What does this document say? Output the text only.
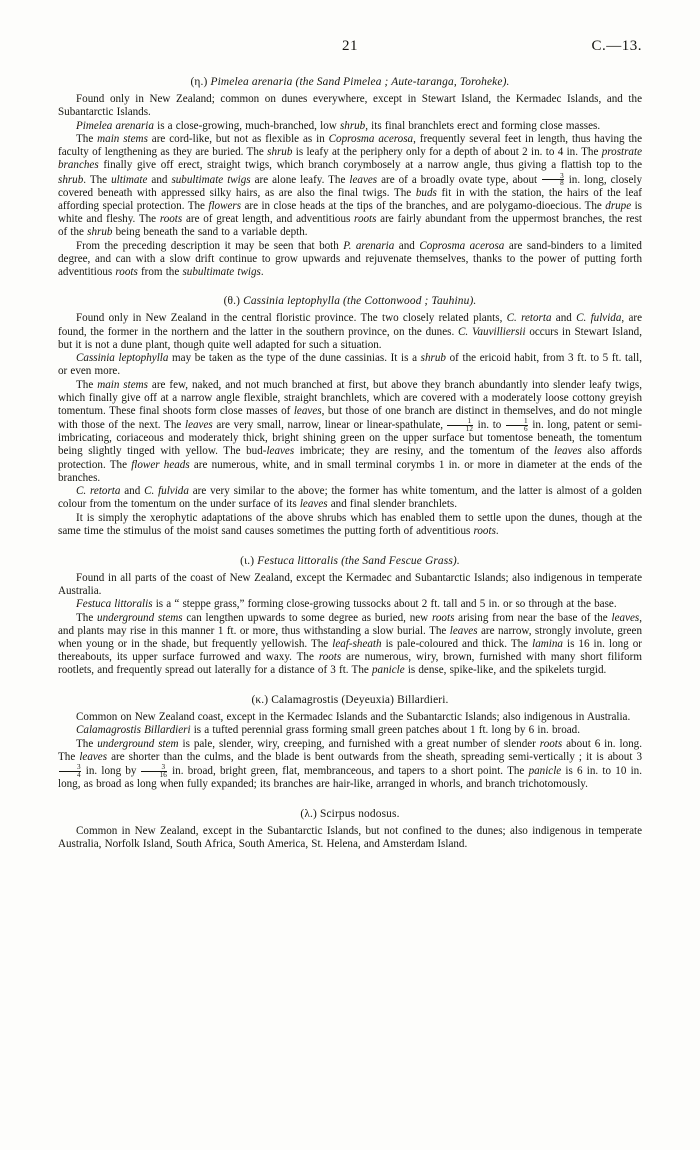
21	C.—13.
(η.) Pimelea arenaria (the Sand Pimelea ; Aute-taranga, Toroheke).

Found only in New Zealand; common on dunes everywhere, except in Stewart Island, the Kermadec Islands, and the Subantarctic Islands.

Pimelea arenaria is a close-growing, much-branched, low shrub, its final branchlets erect and forming close masses.

The main stems are cord-like, but not as flexible as in Coprosma acerosa, frequently several feet in length, thus having the faculty of lengthening as they are buried. The shrub is leafy at the periphery only for a depth of about 2 in. to 4 in. The prostrate branches finally give off erect, straight twigs, which branch corymbosely at a narrow angle, thus giving a flattish top to the shrub. The ultimate and subultimate twigs are alone leafy. The leaves are of a broadly ovate type, about $\frac{3}{8}$ in. long, closely covered beneath with appressed silky hairs, as are also the final twigs. The buds fit in with the station, the hairs of the leaf affording special protection. The flowers are in close heads at the tips of the branches, and are polygamo-dioecious. The drupe is white and fleshy. The roots are of great length, and adventitious roots are fairly abundant from the uppermost branches, the rest of the shrub being beneath the sand to a variable depth.

From the preceding description it may be seen that both P. arenaria and Coprosma acerosa are sand-binders to a limited degree, and can with a slow drift continue to grow upwards and rejuvenate themselves, thanks to the power of putting forth adventitious roots from the subultimate twigs.

(θ.) Cassinia leptophylla (the Cottonwood ; Tauhinu).

Found only in New Zealand in the central floristic province. The two closely related plants, C. retorta and C. fulvida, are found, the former in the northern and the latter in the southern province, on the dunes. C. Vauvilliersii occurs in Stewart Island, but it is not a dune plant, though quite well adapted for such a situation.

Cassinia leptophylla may be taken as the type of the dune cassinias. It is a shrub of the ericoid habit, from 3 ft. to 5 ft. tall, or even more.

The main stems are few, naked, and not much branched at first, but above they branch abundantly into slender leafy twigs, which finally give off at a narrow angle flexible, straight branchlets, which are covered with a moderately loose cottony greyish tomentum. These final shoots form close masses of leaves, but those of one branch are distinct in themselves, and do not mingle with those of the next. The leaves are very small, narrow, linear or linear-spathulate, $\frac{1}{12}$ in. to $\frac{1}{6}$ in. long, patent or semi-imbricating, coriaceous and moderately thick, bright shining green on the upper surface but tomentose beneath, the tomentum being slightly tinged with yellow. The bud-leaves imbricate; they are resiny, and the tomentum of the leaves also affords protection. The flower heads are numerous, white, and in small terminal corymbs 1 in. or more in diameter at the ends of the branches.

C. retorta and C. fulvida are very similar to the above; the former has white tomentum, and the latter is almost of a golden colour from the tomentum on the under surface of its leaves and final slender branchlets.

It is simply the xerophytic adaptations of the above shrubs which has enabled them to settle upon the dunes, though at the same time the stimulus of the moist sand causes sometimes the putting forth of adventitious roots.

(ι.) Festuca littoralis (the Sand Fescue Grass).

Found in all parts of the coast of New Zealand, except the Kermadec and Subantarctic Islands; also indigenous in temperate Australia.

Festuca littoralis is a “ steppe grass,” forming close-growing tussocks about 2 ft. tall and 5 in. or so through at the base.

The underground stems can lengthen upwards to some degree as buried, new roots arising from near the base of the leaves, and plants may rise in this manner 1 ft. or more, thus withstanding a slow burial. The leaves are narrow, strongly involute, green when young or in the shade, but frequently yellowish. The leaf-sheath is pale-coloured and thick. The lamina is 16 in. long or thereabouts, its upper surface furrowed and waxy. The roots are numerous, wiry, brown, furnished with many short filiform rootlets, and frequently spread out laterally for a distance of 3 ft. The panicle is dense, spike-like, and the spikelets turgid.

(κ.) Calamagrostis (Deyeuxia) Billardieri.

Common on New Zealand coast, except in the Kermadec Islands and the Subantarctic Islands; also indigenous in Australia.

Calamagrostis Billardieri is a tufted perennial grass forming small green patches about 1 ft. long by 6 in. broad.

The underground stem is pale, slender, wiry, creeping, and furnished with a great number of slender roots about 6 in. long. The leaves are shorter than the culms, and the blade is bent outwards from the sheath, spreading semi-vertically ; it is about 3
$\frac{3}{4}$ in. long by $\frac{3}{16}$ in. broad, bright green, flat, membranceous, and tapers to a short point. The panicle is 6 in. to 10 in. long, as broad as long when fully expanded; its branches are hair-like, arranged in whorls, and branch trichotomously.

(λ.) Scirpus nodosus.

Common in New Zealand, except in the Subantarctic Islands, but not confined to the dunes; also indigenous in temperate Australia, Norfolk Island, South Africa, South America, St. Helena, and Amsterdam Island.
